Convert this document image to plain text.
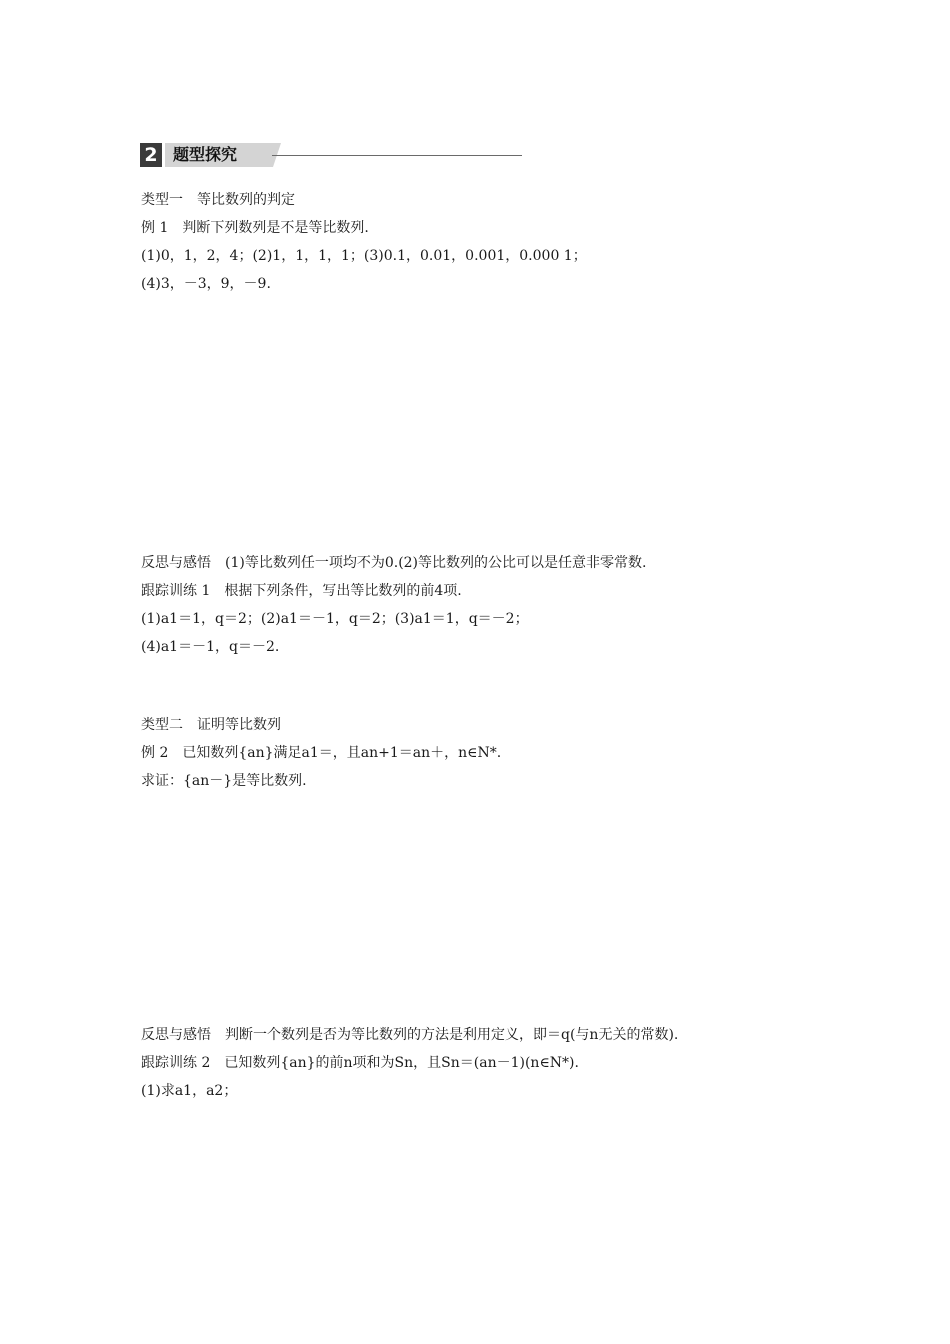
2 题型探究
类型一　等比数列的判定
例 1　 判断下列数列是不是等比数列.
(1)0，1，2，4；(2)1，1，1，1；(3)0.1，0.01，0.001，0.000 1；
(4)3，－3，9，－9.
反思与感悟　 (1)等比数列任一项均不为0.(2)等比数列的公比可以是任意非零常数.
跟踪训练 1　 根据下列条件，写出等比数列的前4项.
(1)a1＝1，q＝2；(2)a1＝－1，q＝2；(3)a1＝1，q＝－2；
(4)a1＝－1，q＝－2.
类型二　证明等比数列
例 2　 已知数列{an}满足a1＝，且an+1＝an＋，n∈N*.
求证：{an－}是等比数列.
反思与感悟　 判断一个数列是否为等比数列的方法是利用定义，即＝q(与n无关的常数).
跟踪训练 2　 已知数列{an}的前n项和为Sn，且Sn＝(an－1)(n∈N*).
(1)求a1，a2；
